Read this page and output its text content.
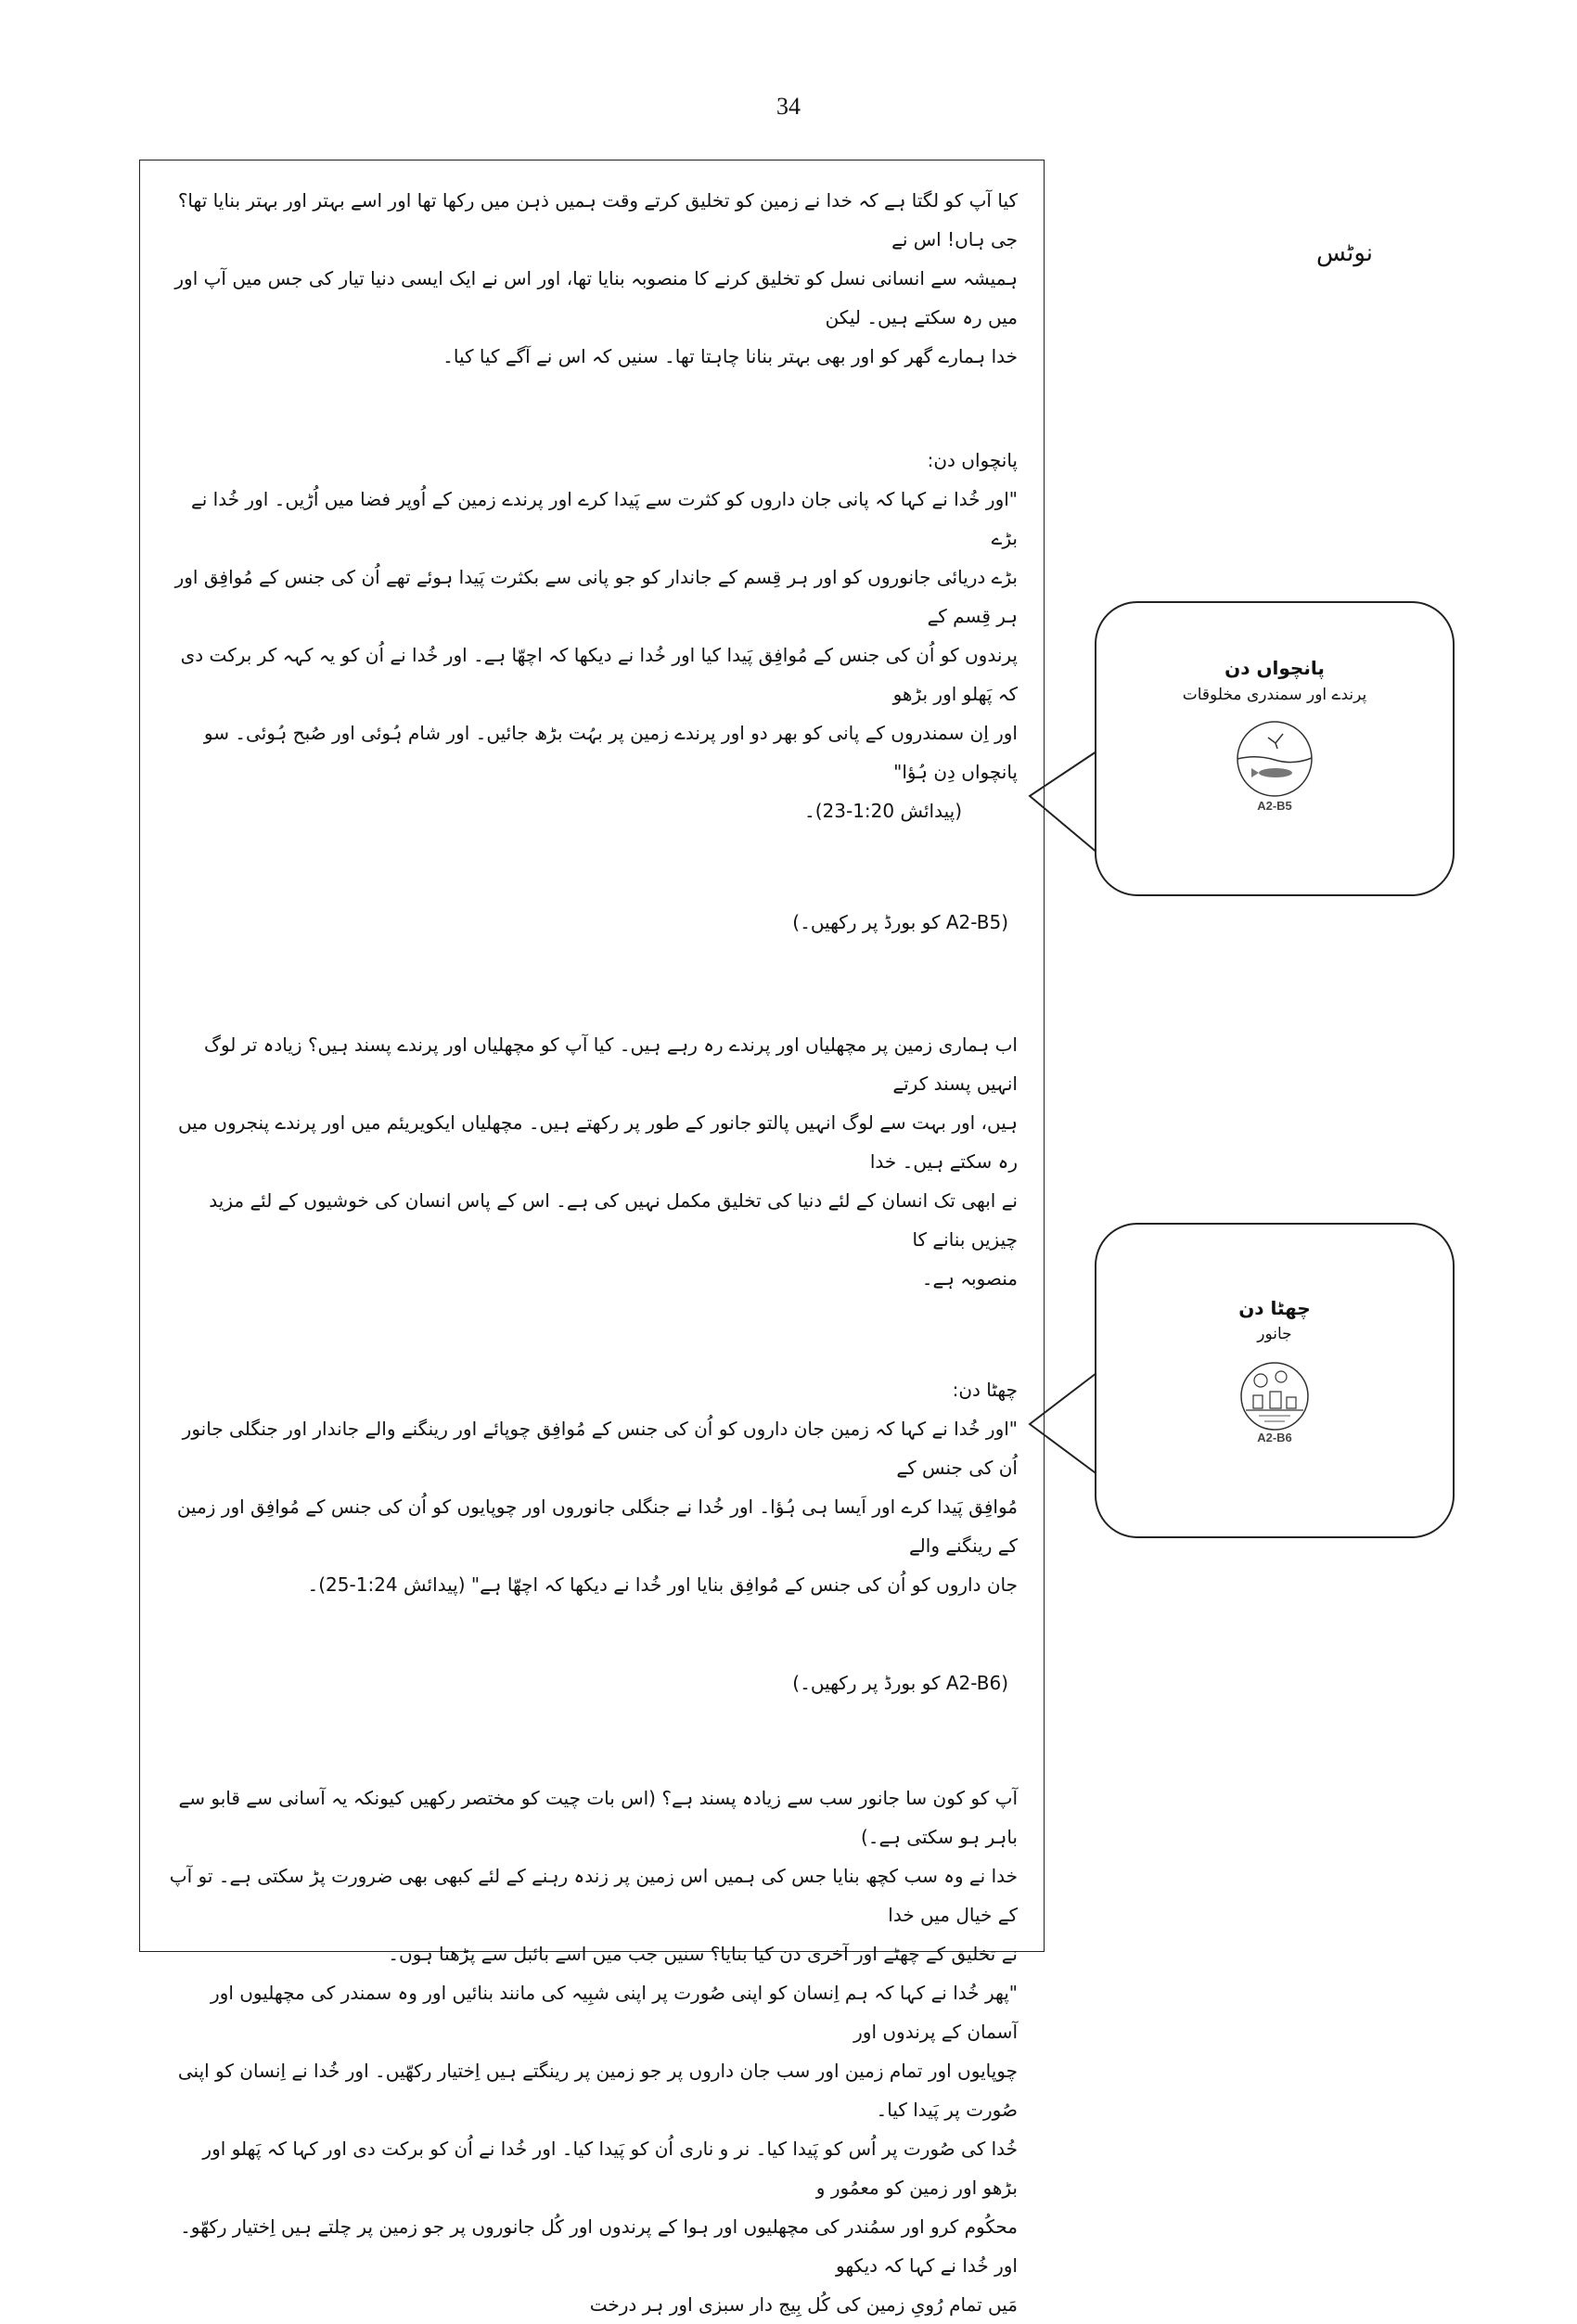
34
نوٹس

کیا آپ کو لگتا ہے کہ خدا نے زمین کو تخلیق کرتے وقت ہمیں ذہن میں رکھا تھا اور اسے بہتر اور بہتر بنایا تھا؟ جی ہاں! اس نے

ہمیشہ سے انسانی نسل کو تخلیق کرنے کا منصوبہ بنایا تھا، اور اس نے ایک ایسی دنیا تیار کی جس میں آپ اور میں رہ سکتے ہیں۔ لیکن

خدا ہمارے گھر کو اور بھی بہتر بنانا چاہتا تھا۔ سنیں کہ اس نے آگے کیا کیا۔

پانچواں دن:

"اور خُدا نے کہا کہ پانی جان داروں کو کثرت سے پَیدا کرے اور پرندے زمین کے اُوپر فضا میں اُڑیں۔ اور خُدا نے بڑے

بڑے دریائی جانوروں کو اور ہر قِسم کے جاندار کو جو پانی سے بکثرت پَیدا ہوئے تھے اُن کی جنس کے مُوافِق اور ہر قِسم کے

پرندوں کو اُن کی جنس کے مُوافِق پَیدا کیا اور خُدا نے دیکھا کہ اچھّا ہے۔ اور خُدا نے اُن کو یہ کہہ کر برکت دی کہ پَھلو اور بڑھو

اور اِن سمندروں کے پانی کو بھر دو اور پرندے زمین پر بہُت بڑھ جائیں۔ اور شام ہُوئی اور صُبح ہُوئی۔ سو پانچواں دِن ہُؤا"

(پیدائش 1:20-23)۔

(A2-B5 کو بورڈ پر رکھیں۔)

اب ہماری زمین پر مچھلیاں اور پرندے رہ رہے ہیں۔ کیا آپ کو مچھلیاں اور پرندے پسند ہیں؟ زیادہ تر لوگ انہیں پسند کرتے

ہیں، اور بہت سے لوگ انہیں پالتو جانور کے طور پر رکھتے ہیں۔ مچھلیاں ایکویریئم میں اور پرندے پنجروں میں رہ سکتے ہیں۔ خدا

نے ابھی تک انسان کے لئے دنیا کی تخلیق مکمل نہیں کی ہے۔ اس کے پاس انسان کی خوشیوں کے لئے مزید چیزیں بنانے کا

منصوبہ ہے۔

چھٹا دن:

"اور خُدا نے کہا کہ زمین جان داروں کو اُن کی جنس کے مُوافِق چوپائے اور رینگنے والے جاندار اور جنگلی جانور اُن کی جنس کے

مُوافِق پَیدا کرے اور اَیسا ہی ہُؤا۔ اور خُدا نے جنگلی جانوروں اور چوپایوں کو اُن کی جنس کے مُوافِق اور زمین کے رینگنے والے

جان داروں کو اُن کی جنس کے مُوافِق بنایا اور خُدا نے دیکھا کہ اچھّا ہے" (پیدائش 1:24-25)۔

(A2-B6 کو بورڈ پر رکھیں۔)

آپ کو کون سا جانور سب سے زیادہ پسند ہے؟ (اس بات چیت کو مختصر رکھیں کیونکہ یہ آسانی سے قابو سے باہر ہو سکتی ہے۔)

خدا نے وہ سب کچھ بنایا جس کی ہمیں اس زمین پر زندہ رہنے کے لئے کبھی بھی ضرورت پڑ سکتی ہے۔ تو آپ کے خیال میں خدا

نے تخلیق کے چھٹے اور آخری دن کیا بنایا؟ سنیں جب میں اسے بائبل سے پڑھتا ہوں۔

"پھر خُدا نے کہا کہ ہم اِنسان کو اپنی صُورت پر اپنی شبِیہ کی مانند بنائیں اور وہ سمندر کی مچھلیوں اور آسمان کے پرندوں اور

چوپایوں اور تمام زمین اور سب جان داروں پر جو زمین پر رینگتے ہیں اِختیار رکھّیں۔ اور خُدا نے اِنسان کو اپنی صُورت پر پَیدا کیا۔

خُدا کی صُورت پر اُس کو پَیدا کیا۔ نر و ناری اُن کو پَیدا کیا۔ اور خُدا نے اُن کو برکت دی اور کہا کہ پَھلو اور بڑھو اور زمین کو معمُور و

محکُوم کرو اور سمُندر کی مچھلیوں اور ہوا کے پرندوں اور کُل جانوروں پر جو زمین پر چلتے ہیں اِختیار رکھّو۔ اور خُدا نے کہا کہ دیکھو

مَیں تمام رُویِ زمین کی کُل بِیج دار سبزی اور ہر درخت

پانچواں دن
پرندے اور سمندری مخلوقات
A2-B5
چھٹا دن
جانور
A2-B6
